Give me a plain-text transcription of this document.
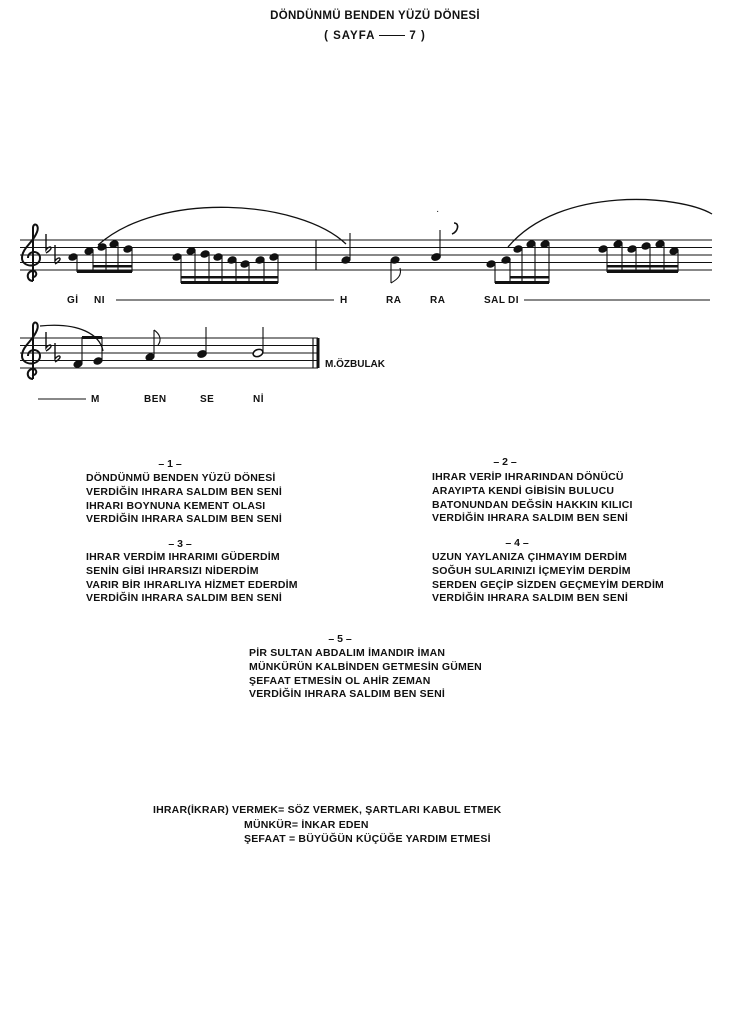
DÖNDÜNMÜ BENDEN YÜZÜ DÖNESİ
( SAYFA	7 )
·
Gİ NI	H	RA	RA	SAL DI
M	BEN	SE	Nİ
M.ÖZBULAK
– 1 –
DÖNDÜNMÜ BENDEN YÜZÜ DÖNESİ
VERDİĞİN IHRARA SALDIM BEN SENİ
IHRARI BOYNUNA KEMENT OLASI
VERDİĞİN IHRARA SALDIM BEN SENİ
– 2 –
IHRAR VERİP IHRARINDAN DÖNÜCÜ
ARAYIPTA KENDİ GİBİSİN BULUCU
BATONUNDAN DEĞSİN HAKKIN KILICI
VERDİĞİN IHRARA SALDIM BEN SENİ
– 3 –
IHRAR VERDİM IHRARIMI GÜDERDİM
SENİN GİBİ IHRARSIZI NİDERDİM
VARIR BİR IHRARLIYA HİZMET EDERDİM
VERDİĞİN IHRARA SALDIM BEN SENİ
– 4 –
UZUN YAYLANIZA ÇIHMAYIM DERDİM
SOĞUH SULARINIZI İÇMEYİM DERDİM
SERDEN GEÇİP SİZDEN GEÇMEYİM DERDİM
VERDİĞİN IHRARA SALDIM BEN SENİ
– 5 –
PİR SULTAN ABDALIM İMANDIR İMAN
MÜNKÜRÜN KALBİNDEN GETMESİN GÜMEN
ŞEFAAT ETMESİN OL AHİR ZEMAN
VERDİĞİN IHRARA SALDIM BEN SENİ
IHRAR(İKRAR) VERMEK= SÖZ VERMEK, ŞARTLARI KABUL ETMEK
MÜNKÜR= İNKAR EDEN
ŞEFAAT = BÜYÜĞÜN KÜÇÜĞE YARDIM ETMESİ
